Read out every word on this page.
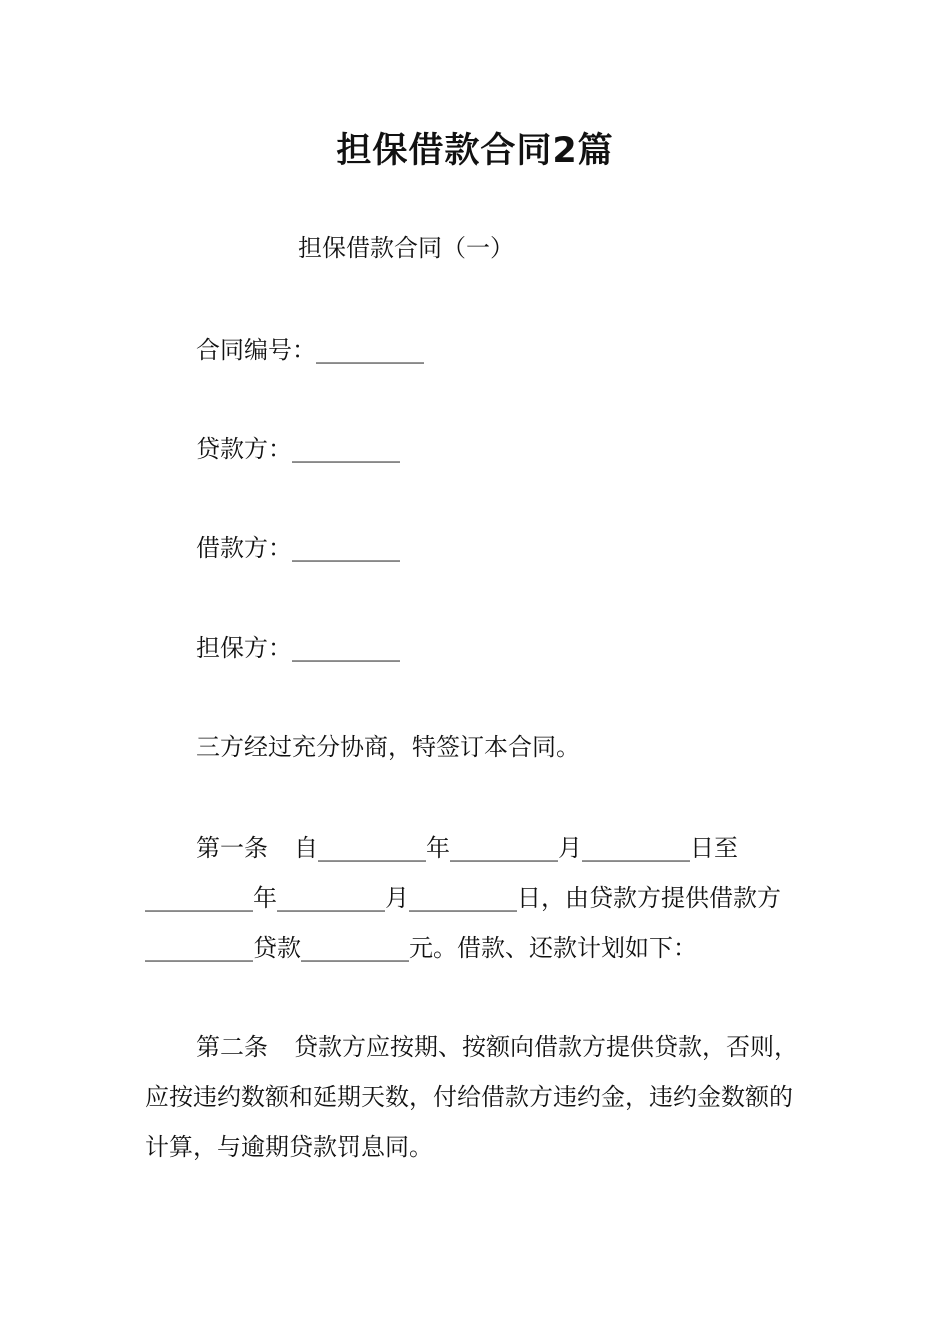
担保借款合同2篇
担保借款合同（一）
合同编号：_________
贷款方：_________
借款方：_________
担保方：_________
三方经过充分协商，特签订本合同。
第一条 自_________年_________月_________日至_________年_________月_________日，由贷款方提供借款方_________贷款_________元。借款、还款计划如下：
第二条 贷款方应按期、按额向借款方提供贷款，否则，应按违约数额和延期天数，付给借款方违约金，违约金数额的计算，与逾期贷款罚息同。
